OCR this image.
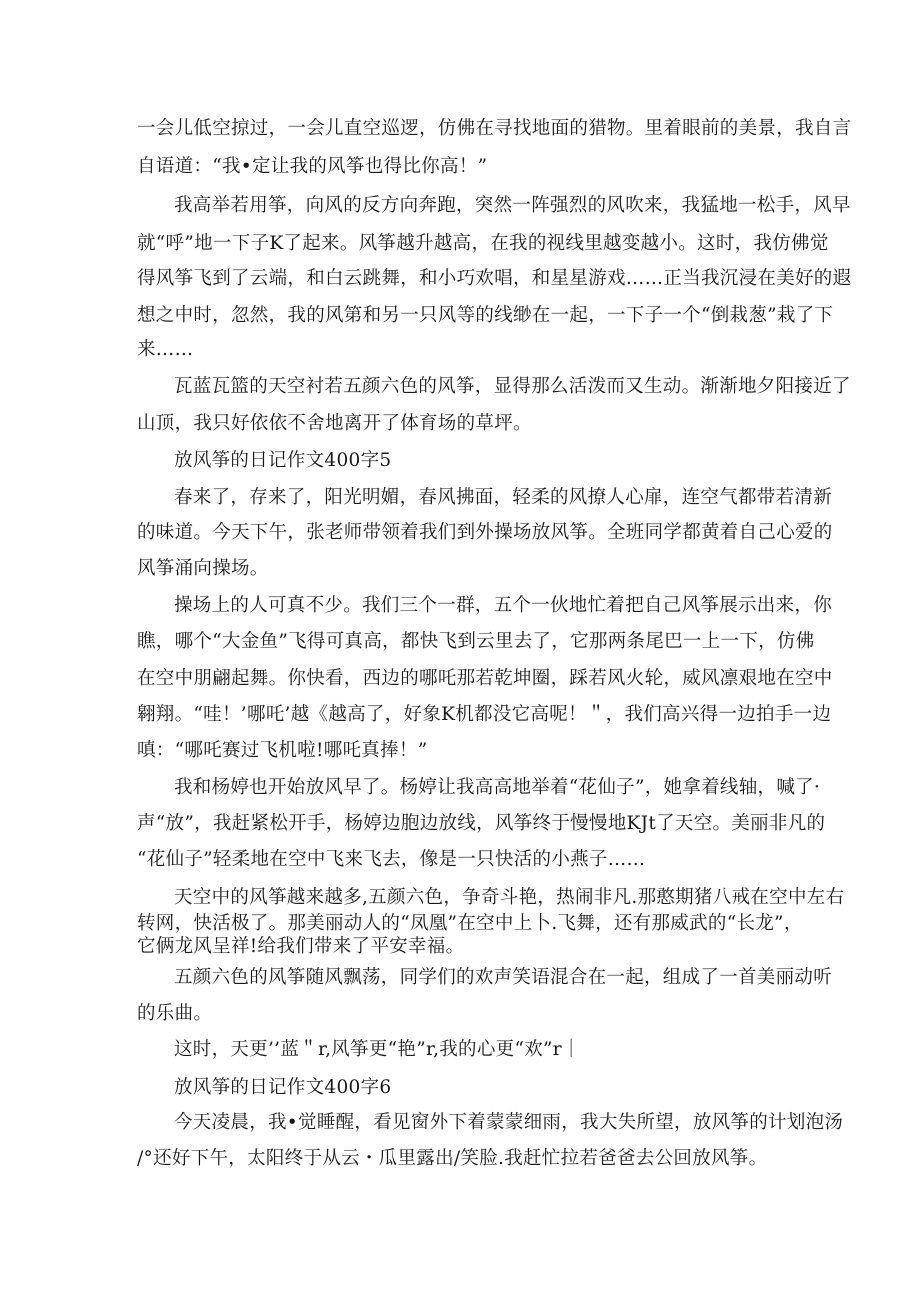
一会儿低空掠过，一会儿直空巡逻，仿佛在寻找地面的猎物。里着眼前的美景，我自言
自语道：“我•定让我的风筝也得比你高！”
我高举若用筝，向风的反方向奔跑，突然一阵强烈的风吹来，我猛地一松手，风早
就“呼”地一下子K了起来。风筝越升越高，在我的视线里越变越小。这时，我仿佛觉
得风筝飞到了云端，和白云跳舞，和小巧欢唱，和星星游戏……正当我沉浸在美好的遐
想之中时，忽然，我的风第和另一只风等的线缈在一起，一下子一个“倒栽葱”栽了下
来……
瓦蓝瓦篮的天空衬若五颜六色的风筝，显得那么活泼而又生动。渐渐地夕阳接近了
山顶，我只好依依不舍地离开了体育场的草坪。
放风筝的日记作文400字5
春来了，存来了，阳光明媚，春风拂面，轻柔的风撩人心扉，连空气都带若清新
的味道。今天下午，张老师带领着我们到外操场放风筝。全班同学都黄着自己心爱的
风筝涌向操场。
操场上的人可真不少。我们三个一群，五个一伙地忙着把自己风筝展示出来，你
瞧，哪个“大金鱼”飞得可真高，都快飞到云里去了，它那两条尾巴一上一下，仿佛
在空中朋翩起舞。你快看，西边的哪吒那若乾坤圈，踩若风火轮，威风凛艰地在空中
翱翔。“哇！’哪吒’越《越高了，好象K机都没它高呢！＂，我们高兴得一边拍手一边
嗔：“哪吒赛过飞机啦!哪吒真捧！”
我和杨婷也开始放风早了。杨婷让我高高地举着“花仙子”，她拿着线轴，喊了·
声“放”，我赶紧松开手，杨婷边胞边放线，风筝终于慢慢地KJt了天空。美丽非凡的
“花仙子”轻柔地在空中飞来飞去，像是一只快活的小燕子……
天空中的风筝越来越多,五颜六色，争奇斗艳，热闹非凡.那憨期猪八戒在空中左右
转网，快活极了。那美丽动人的“凤凰”在空中上卜.飞舞，还有那威武的“长龙”，
它俩龙风呈祥!给我们带来了平安幸福。
五颜六色的风筝随风飘荡，同学们的欢声笑语混合在一起，组成了一首美丽动听
的乐曲。
这时，天更’’蓝＂r,风筝更“艳”r,我的心更“欢”r｜
放风筝的日记作文400字6
今天凌晨，我•觉睡醒，看见窗外下着蒙蒙细雨，我大失所望，放风筝的计划泡汤
/°还好下午，太阳终于从云・瓜里露出/笑脸.我赶忙拉若爸爸去公回放风筝。
